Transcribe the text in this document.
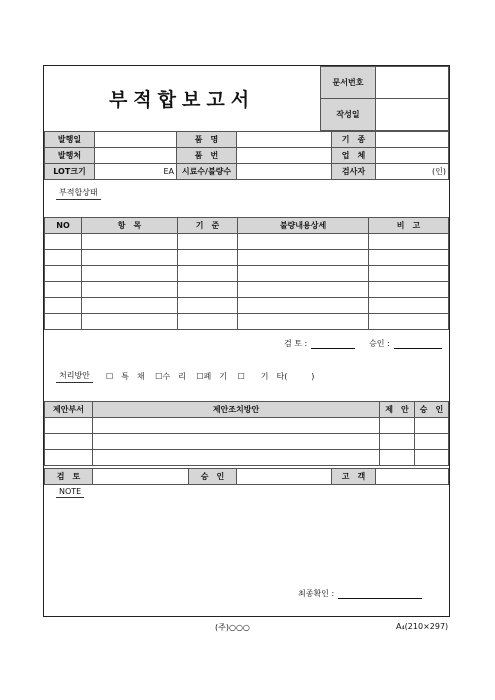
부적합보고서
문서번호	
작성일	
발행일		품　명		기　종	
발행처		품　번		업　체	
LOT크기	EA	시료수/불량수		검사자	(인)
부적합상태
NO	항　목	기　준	불량내용상세	비　고

검 토 :	승인 :
처리방안	☐　특　채 ☐수　리 ☐폐　기 ☐　　기　타(　　　)
제안부서	제안조치방안	제　안	승　인

검　토		승　인		고　객	
NOTE
최종확인 :
(주)○○○	A₄(210×297)
